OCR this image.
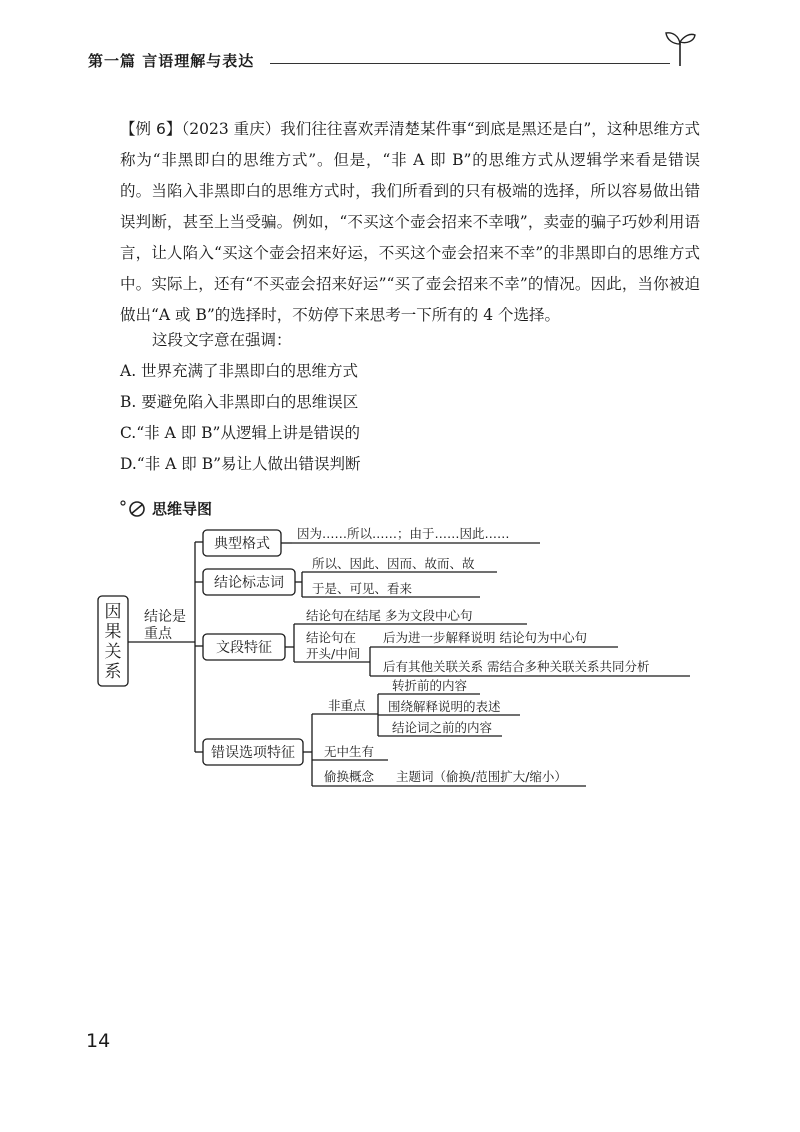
第一篇 言语理解与表达

【例 6】（2023 重庆）我们往往喜欢弄清楚某件事“到底是黑还是白”，这种思维方式称为“非黑即白的思维方式”。但是，“非 A 即 B”的思维方式从逻辑学来看是错误的。当陷入非黑即白的思维方式时，我们所看到的只有极端的选择，所以容易做出错误判断，甚至上当受骗。例如，“不买这个壶会招来不幸哦”，卖壶的骗子巧妙利用语言，让人陷入“买这个壶会招来好运，不买这个壶会招来不幸”的非黑即白的思维方式中。实际上，还有“不买壶会招来好运”“买了壶会招来不幸”的情况。因此，当你被迫做出“A 或 B”的选择时，不妨停下来思考一下所有的 4 个选择。

这段文字意在强调：
A. 世界充满了非黑即白的思维方式
B. 要避免陷入非黑即白的思维误区
C.“非 A 即 B”从逻辑上讲是错误的
D.“非 A 即 B”易让人做出错误判断
思维导图
因
果
关
系
结论是
重点
典型格式
因为……所以……；由于……因此……
结论标志词
所以、因此、因而、故而、故
于是、可见、看来
文段特征
结论句在结尾 多为文段中心句
结论句在
开头/中间
后为进一步解释说明 结论句为中心句
后有其他关联关系 需结合多种关联关系共同分析
错误选项特征
非重点
转折前的内容
围绕解释说明的表述
结论词之前的内容
无中生有
偷换概念 主题词（偷换/范围扩大/缩小）
14
